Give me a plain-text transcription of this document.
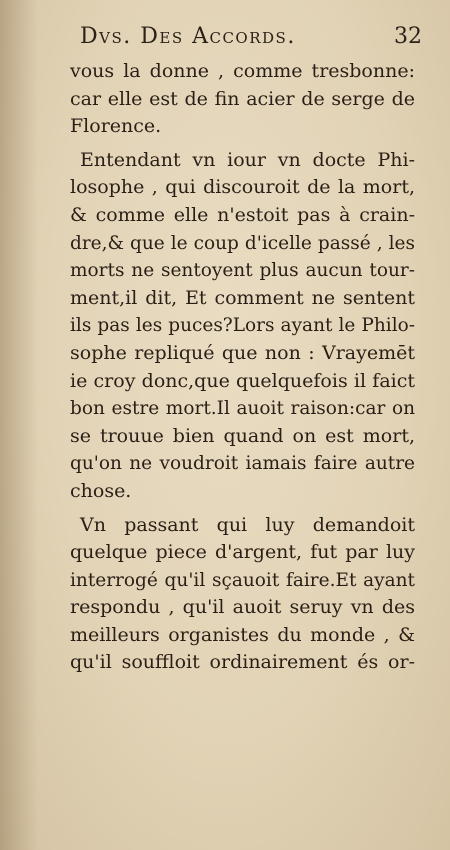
Dvs. Des Accords.	32
vous la donne , comme tresbonne:
car elle est de fin acier de serge de
Florence.
Entendant vn iour vn docte Phi-
losophe , qui discouroit de la mort,
& comme elle n'estoit pas à crain-
dre,& que le coup d'icelle passé , les
morts ne sentoyent plus aucun tour-
ment,il dit, Et comment ne sentent
ils pas les puces?Lors ayant le Philo-
sophe repliqué que non : Vrayemēt
ie croy donc,que quelquefois il faict
bon estre mort.Il auoit raison:car on
se trouue bien quand on est mort,
qu'on ne voudroit iamais faire autre
chose.
Vn passant qui luy demandoit
quelque piece d'argent, fut par luy
interrogé qu'il sçauoit faire.Et ayant
respondu , qu'il auoit seruy vn des
meilleurs organistes du monde , &
qu'il souffloit ordinairement és or-
